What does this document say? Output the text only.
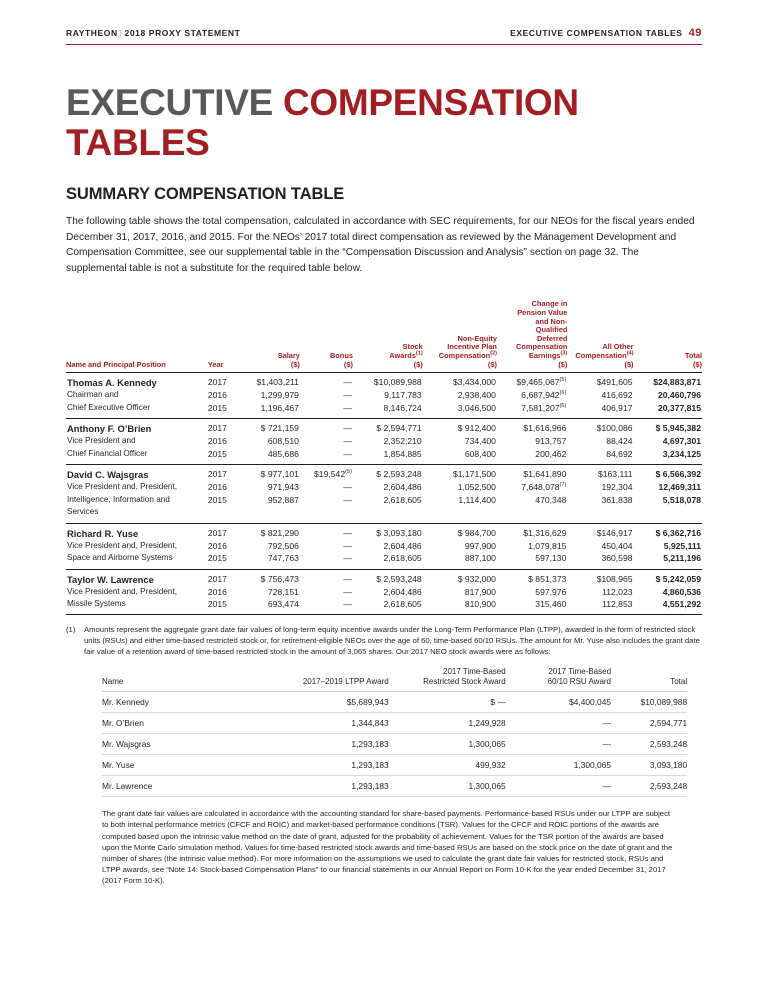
RAYTHEON | 2018 PROXY STATEMENT	EXECUTIVE COMPENSATION TABLES 49
EXECUTIVE COMPENSATION TABLES
SUMMARY COMPENSATION TABLE

The following table shows the total compensation, calculated in accordance with SEC requirements, for our NEOs for the fiscal years ended December 31, 2017, 2016, and 2015. For the NEOs’ 2017 total direct compensation as reviewed by the Management Development and Compensation Committee, see our supplemental table in the “Compensation Discussion and Analysis” section on page 32. The supplemental table is not a substitute for the required table below.

Name and Principal Position	Year	Salary
($)	Bonus
($)	Stock
Awards$^{(1)}$
($)	Non-Equity
Incentive Plan
Compensation$^{(2)}$
($)	Change in
Pension Value
and Non-
Qualified
Deferred
Compensation
Earnings$^{(3)}$
($)	All Other
Compensation$^{(4)}$
($)	Total
($)
Thomas A. Kennedy	2017	$1,403,211	—	$10,089,988	$3,434,000	$9,465,067$^{(5)}$	$491,605	$24,883,871
Chairman and	2016	1,299,979	—	9,117,783	2,938,400	6,687,942$^{(6)}$	416,692	20,460,796
Chief Executive Officer	2015	1,196,467	—	8,146,724	3,046,500	7,581,207$^{(6)}$	406,917	20,377,815
Anthony F. O’Brien	2017	$ 721,159	—	$ 2,594,771	$ 912,400	$1,616,966	$100,086	$ 5,945,382
Vice President and	2016	608,510	—	2,352,210	734,400	913,757	88,424	4,697,301
Chief Financial Officer	2015	485,686	—	1,854,885	608,400	200,462	84,692	3,234,125
David C. Wajsgras	2017	$ 977,101	$19,542$^{(5)}$	$ 2,593,248	$1,171,500	$1,641,890	$163,111	$ 6,566,392
Vice President and, President,	2016	971,943	—	2,604,486	1,052,500	7,648,078$^{(7)}$	192,304	12,469,311
Intelligence, Information and	2015	952,887	—	2,618,605	1,114,400	470,348	361,838	5,518,078
Services								
Richard R. Yuse	2017	$ 821,290	—	$ 3,093,180	$ 984,700	$1,316,629	$146,917	$ 6,362,716
Vice President and, President,	2016	792,506	—	2,604,486	997,900	1,079,815	450,404	5,925,111
Space and Airborne Systems	2015	747,763	—	2,618,605	887,100	597,130	360,598	5,211,196
Taylor W. Lawrence	2017	$ 756,473	—	$ 2,593,248	$ 932,000	$ 851,373	$108,965	$ 5,242,059
Vice President and, President,	2016	728,151	—	2,604,486	817,900	597,976	112,023	4,860,536
Missile Systems	2015	693,474	—	2,618,605	810,900	315,460	112,853	4,551,292
(1)	Amounts represent the aggregate grant date fair values of long-term equity incentive awards under the Long-Term Performance Plan (LTPP), awarded in the form of restricted stock units (RSUs) and either time-based restricted stock or, for retirement-eligible NEOs over the age of 60, time-based 60/10 RSUs. The amount for Mr. Yuse also includes the grant date fair value of a retention award of time-based restricted stock in the amount of 3,065 shares. Our 2017 NEO stock awards were as follows:
Name	2017–2019 LTPP Award	2017 Time-Based
Restricted Stock Award	2017 Time-Based
60/10 RSU Award	Total
Mr. Kennedy	$5,689,943	$ —	$4,400,045	$10,089,988
Mr. O’Brien	1,344,843	1,249,928	—	2,594,771
Mr. Wajsgras	1,293,183	1,300,065	—	2,593,248
Mr. Yuse	1,293,183	499,932	1,300,065	3,093,180
Mr. Lawrence	1,293,183	1,300,065	—	2,593,248

The grant date fair values are calculated in accordance with the accounting standard for share-based payments. Performance-based RSUs under our LTPP are subject to both internal performance metrics (CFCF and ROIC) and market-based performance conditions (TSR). Values for the CFCF and ROIC portions of the awards are computed based upon the intrinsic value method on the date of grant, adjusted for the probability of achievement. Values for the TSR portion of the awards are based upon the Monte Carlo simulation method. Values for time-based restricted stock awards and time-based RSUs are based on the stock price on the date of grant and the number of shares (the intrinsic value method). For more information on the assumptions we used to calculate the grant date fair values for restricted stock, RSUs and LTPP awards, see “Note 14: Stock-based Compensation Plans” to our financial statements in our Annual Report on Form 10-K for the year ended December 31, 2017 (2017 Form 10-K).
